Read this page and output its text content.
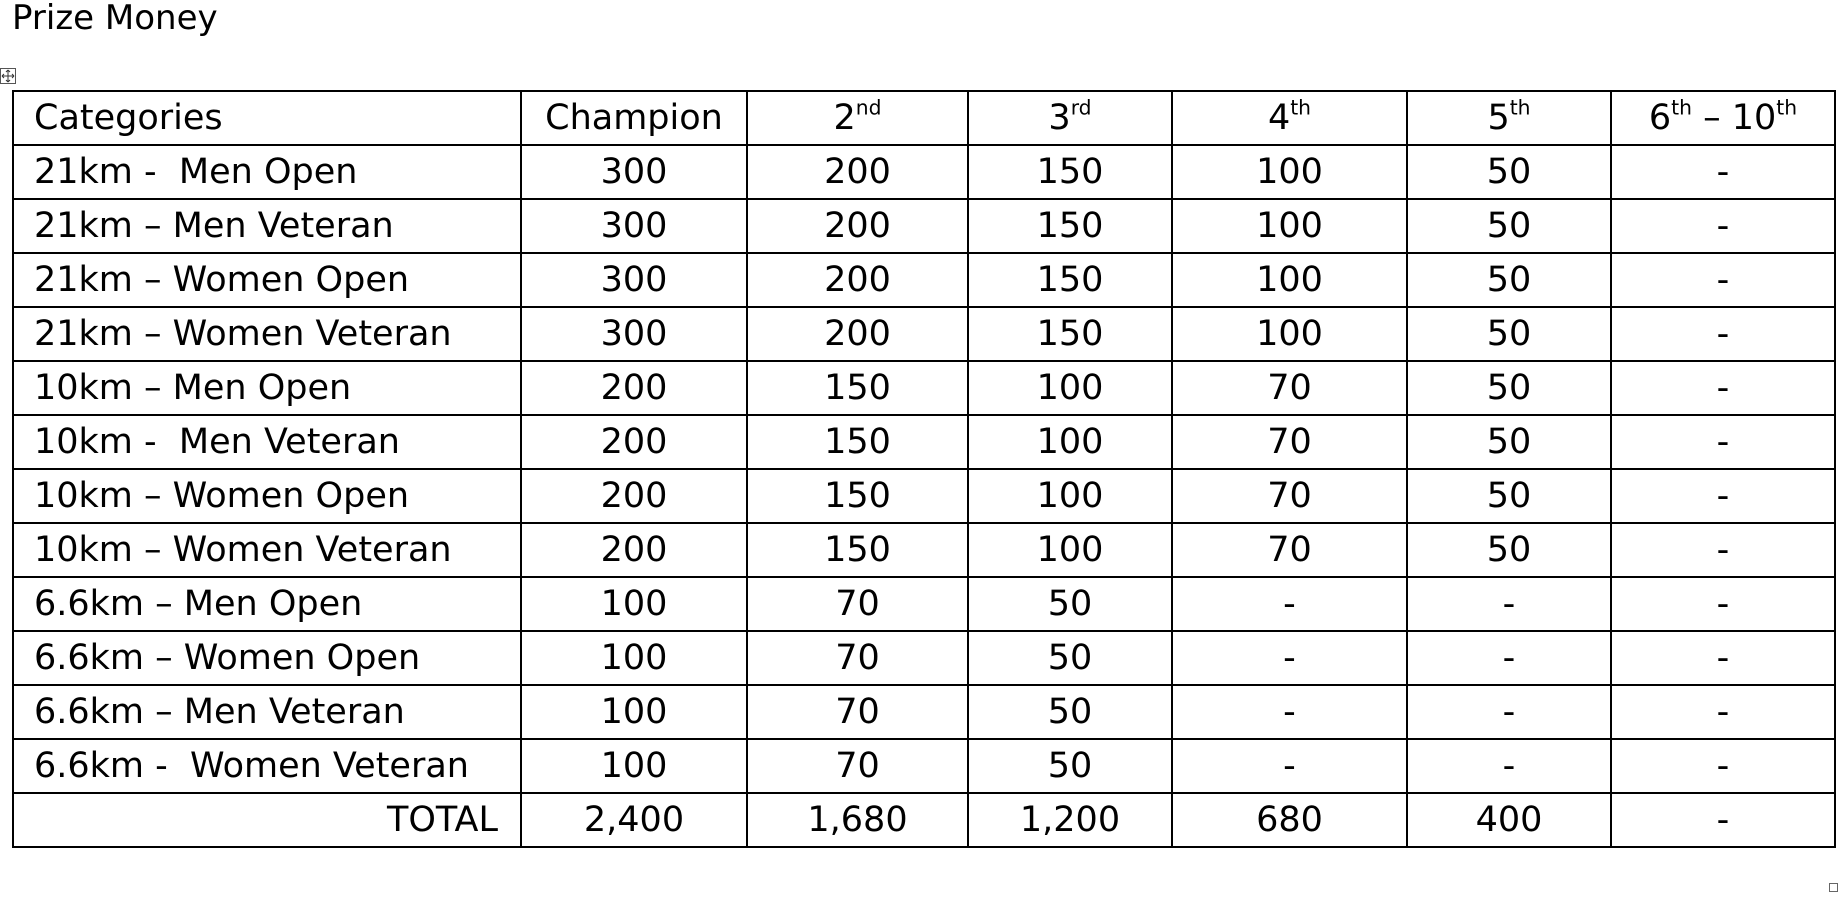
Prize Money
Categories	Champion	2nd	3rd	4th	5th	6th – 10th
21km -  Men Open	300	200	150	100	50	-
21km – Men Veteran	300	200	150	100	50	-
21km – Women Open	300	200	150	100	50	-
21km – Women Veteran	300	200	150	100	50	-
10km – Men Open	200	150	100	70	50	-
10km -  Men Veteran	200	150	100	70	50	-
10km – Women Open	200	150	100	70	50	-
10km – Women Veteran	200	150	100	70	50	-
6.6km – Men Open	100	70	50	-	-	-
6.6km – Women Open	100	70	50	-	-	-
6.6km – Men Veteran	100	70	50	-	-	-
6.6km -  Women Veteran	100	70	50	-	-	-
TOTAL	2,400	1,680	1,200	680	400	-
